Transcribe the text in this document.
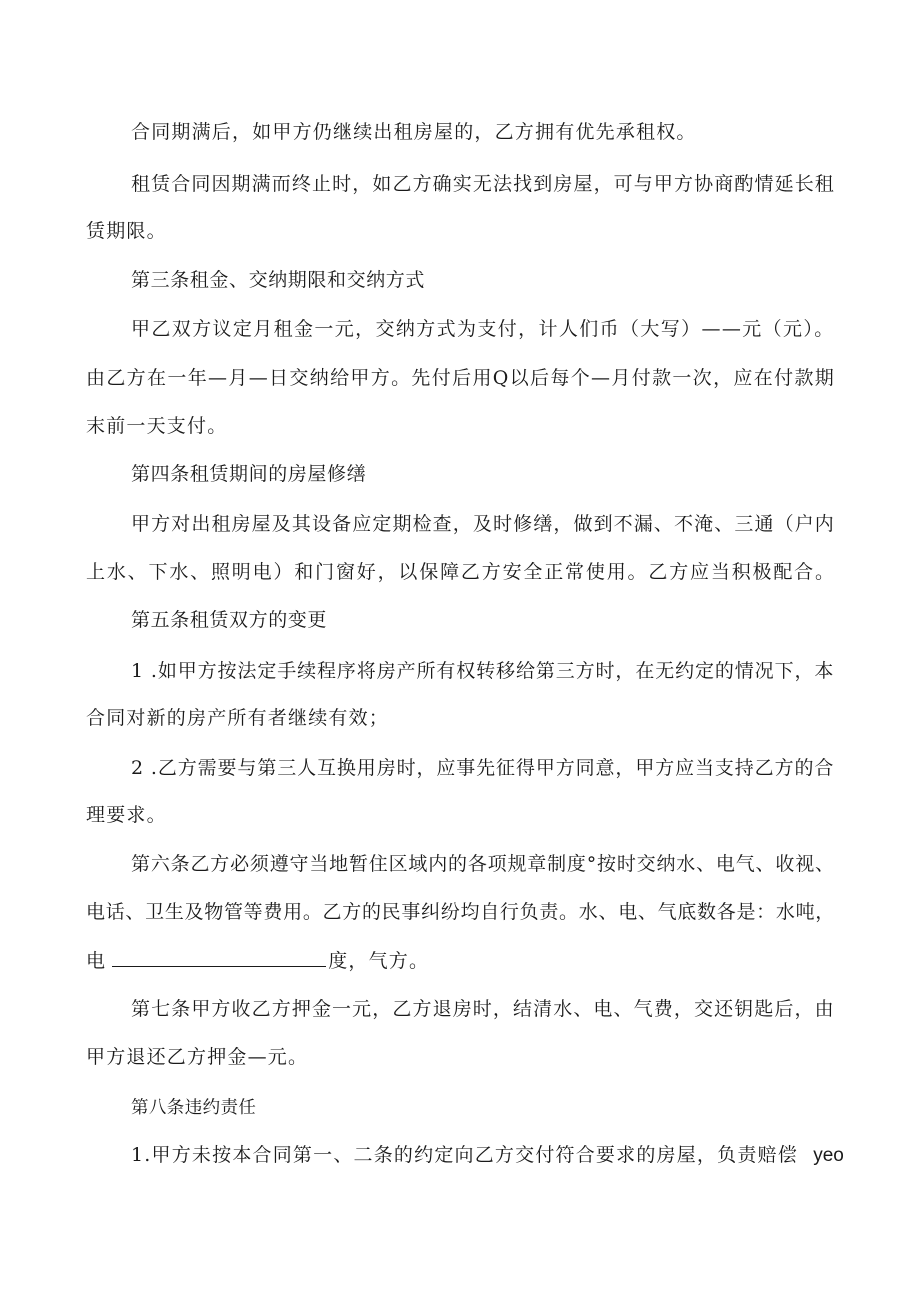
合同期满后，如甲方仍继续出租房屋的，乙方拥有优先承租权。
租赁合同因期满而终止时，如乙方确实无法找到房屋，可与甲方协商酌情延长租
赁期限。
第三条租金、交纳期限和交纳方式
甲乙双方议定月租金一元，交纳方式为支付，计人们币（大写）——元（元）。
由乙方在一年—月—日交纳给甲方。先付后用Q以后每个—月付款一次，应在付款期
末前一天支付。
第四条租赁期间的房屋修缮
甲方对出租房屋及其设备应定期检查，及时修缮，做到不漏、不淹、三通（户内
上水、下水、照明电）和门窗好，以保障乙方安全正常使用。乙方应当积极配合。
第五条租赁双方的变更
1 .如甲方按法定手续程序将房产所有权转移给第三方时，在无约定的情况下，本
合同对新的房产所有者继续有效；
2 .乙方需要与第三人互换用房时，应事先征得甲方同意，甲方应当支持乙方的合
理要求。
第六条乙方必须遵守当地暂住区域内的各项规章制度°按时交纳水、电气、收视、
电话、卫生及物管等费用。乙方的民事纠纷均自行负责。水、电、气底数各是：水吨，
电	度，气方。
第七条甲方收乙方押金一元，乙方退房时，结清水、电、气费，交还钥匙后，由
甲方退还乙方押金—元。
第八条违约责任
1.甲方未按本合同第一、二条的约定向乙方交付符合要求的房屋，负责赔偿 yeo
